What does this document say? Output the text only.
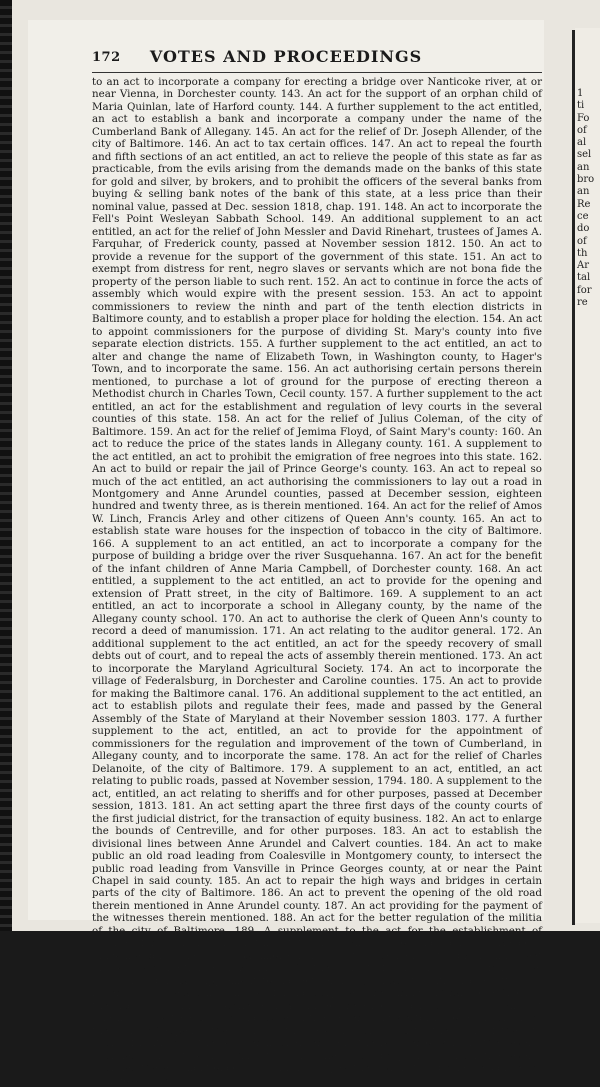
172	VOTES AND PROCEEDINGS
to an act to incorporate a company for erecting a bridge over Nanticoke river, at or near Vienna, in Dorchester county. 143. An act for the support of an orphan child of Maria Quinlan, late of Harford county. 144. A further supplement to the act entitled, an act to establish a bank and incorporate a company under the name of the Cumberland Bank of Allegany. 145. An act for the relief of Dr. Joseph Allender, of the city of Baltimore. 146. An act to tax certain offices. 147. An act to repeal the fourth and fifth sections of an act entitled, an act to relieve the people of this state as far as practicable, from the evils arising from the demands made on the banks of this state for gold and silver, by brokers, and to prohibit the officers of the several banks from buying & selling bank notes of the bank of this state, at a less price than their nominal value, passed at Dec. session 1818, chap. 191. 148. An act to incorporate the Fell's Point Wesleyan Sabbath School. 149. An additional supplement to an act entitled, an act for the relief of John Messler and David Rinehart, trustees of James A. Farquhar, of Frederick county, passed at November session 1812. 150. An act to provide a revenue for the support of the government of this state. 151. An act to exempt from distress for rent, negro slaves or servants which are not bona fide the property of the person liable to such rent. 152. An act to continue in force the acts of assembly which would expire with the present session. 153. An act to appoint commissioners to review the ninth and part of the tenth election districts in Baltimore county, and to establish a proper place for holding the election. 154. An act to appoint commissioners for the purpose of dividing St. Mary's county into five separate election districts. 155. A further supplement to the act entitled, an act to alter and change the name of Elizabeth Town, in Washington county, to Hager's Town, and to incorporate the same. 156. An act authorising certain persons therein mentioned, to purchase a lot of ground for the purpose of erecting thereon a Methodist church in Charles Town, Cecil county. 157. A further supplement to the act entitled, an act for the establishment and regulation of levy courts in the several counties of this state. 158. An act for the relief of Julius Coleman, of the city of Baltimore. 159. An act for the relief of Jemima Floyd, of Saint Mary's county: 160. An act to reduce the price of the states lands in Allegany county. 161. A supplement to the act entitled, an act to prohibit the emigration of free negroes into this state. 162. An act to build or repair the jail of Prince George's county. 163. An act to repeal so much of the act entitled, an act authorising the commissioners to lay out a road in Montgomery and Anne Arundel counties, passed at December session, eighteen hundred and twenty three, as is therein mentioned. 164. An act for the relief of Amos W. Linch, Francis Arley and other citizens of Queen Ann's county. 165. An act to establish state ware houses for the inspection of tobacco in the city of Baltimore. 166. A supplement to an act entitled, an act to incorporate a company for the purpose of building a bridge over the river Susquehanna. 167. An act for the benefit of the infant children of Anne Maria Campbell, of Dorchester county. 168. An act entitled, a supplement to the act entitled, an act to provide for the opening and extension of Pratt street, in the city of Baltimore. 169. A supplement to an act entitled, an act to incorporate a school in Allegany county, by the name of the Allegany county school. 170. An act to authorise the clerk of Queen Ann's county to record a deed of manumission. 171. An act relating to the auditor general. 172. An additional supplement to the act entitled, an act for the speedy recovery of small debts out of court, and to repeal the acts of assembly therein mentioned. 173. An act to incorporate the Maryland Agricultural Society. 174. An act to incorporate the village of Federalsburg, in Dorchester and Caroline counties. 175. An act to provide for making the Baltimore canal. 176. An additional supplement to the act entitled, an act to establish pilots and regulate their fees, made and passed by the General Assembly of the State of Maryland at their November session 1803. 177. A further supplement to the act, entitled, an act to provide for the appointment of commissioners for the regulation and improvement of the town of Cumberland, in Allegany county, and to incorporate the same. 178. An act for the relief of Charles Delanoite, of the city of Baltimore. 179. A supplement to an act, entitled, an act relating to public roads, passed at November session, 1794. 180. A supplement to the act, entitled, an act relating to sheriffs and for other purposes, passed at December session, 1813. 181. An act setting apart the three first days of the county courts of the first judicial district, for the transaction of equity business. 182. An act to enlarge the bounds of Centreville, and for other purposes. 183. An act to establish the divisional lines between Anne Arundel and Calvert counties. 184. An act to make public an old road leading from Coalesville in Montgomery county, to intersect the public road leading from Vansville in Prince Georges county, at or near the Paint Chapel in said county. 185. An act to repair the high ways and bridges in certain parts of the city of Baltimore. 186. An act to prevent the opening of the old road therein mentioned in Anne Arundel county. 187. An act providing for the payment of the witnesses therein mentioned. 188. An act for the better regulation of the militia of the city of Baltimore. 189. A supplement to the act for the establishment of vestries for each Parish in this state. 190. An act for the relief of Rebecca Lindenberger, of the city of Baltimore. 191. An act to open and extend Franklin-street in the city of Baltimore. 192. An act for the benefit of William Owen, of Baltimore. 193. An additional supplement to the act, entitled, an act to authorise a lottery or lotteries to raise a sum of money for the purpose of repairing and raising a fund for the use of Washington College. 194. An act relating to executions. 195. An act relating to the treasurers of the state on the eastern and western shore, the clerks of the court of appeals, the clerks of the several county courts, the clerk of the city court of Baltimore, the register in chancery, and the register of wills in the several counties of this state. 196. An act for the relief of sundry poor persons in the several counties therein mentioned. 197. An act to pay the civil list and other expences of civil government.
1
ti
Fo
of
al
sel
an
bro
an
Re
ce
do
of
th
Ar
tal
for
re
